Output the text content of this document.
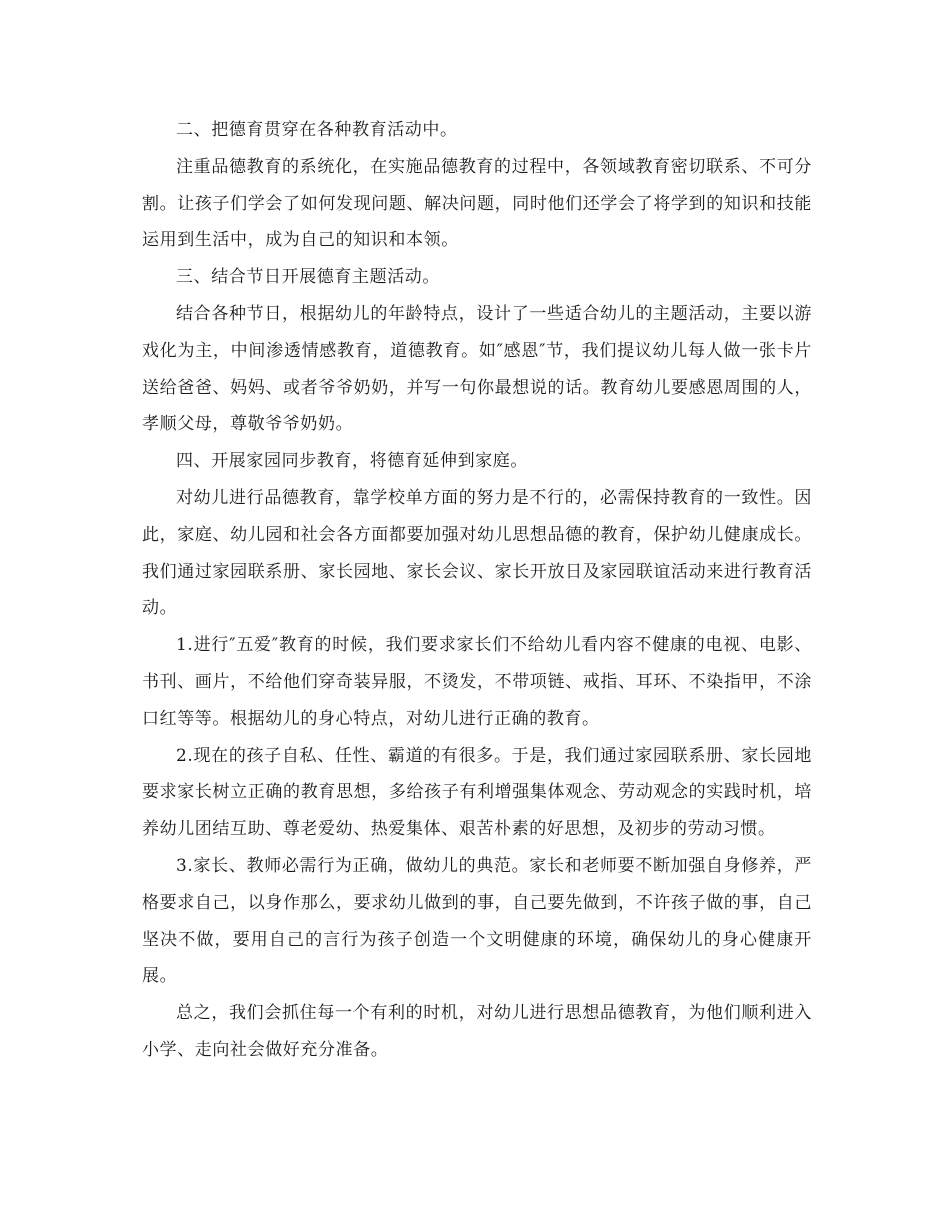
二、把德育贯穿在各种教育活动中。

注重品德教育的系统化，在实施品德教育的过程中，各领域教育密切联系、不可分割。让孩子们学会了如何发现问题、解决问题，同时他们还学会了将学到的知识和技能运用到生活中，成为自己的知识和本领。

三、结合节日开展德育主题活动。

结合各种节日，根据幼儿的年龄特点，设计了一些适合幼儿的主题活动，主要以游戏化为主，中间渗透情感教育，道德教育。如″感恩″节，我们提议幼儿每人做一张卡片送给爸爸、妈妈、或者爷爷奶奶，并写一句你最想说的话。教育幼儿要感恩周围的人，孝顺父母，尊敬爷爷奶奶。

四、开展家园同步教育，将德育延伸到家庭。

对幼儿进行品德教育，靠学校单方面的努力是不行的，必需保持教育的一致性。因此，家庭、幼儿园和社会各方面都要加强对幼儿思想品德的教育，保护幼儿健康成长。我们通过家园联系册、家长园地、家长会议、家长开放日及家园联谊活动来进行教育活动。

1.进行″五爱″教育的时候，我们要求家长们不给幼儿看内容不健康的电视、电影、书刊、画片，不给他们穿奇装异服，不烫发，不带项链、戒指、耳环、不染指甲，不涂口红等等。根据幼儿的身心特点，对幼儿进行正确的教育。

2.现在的孩子自私、任性、霸道的有很多。于是，我们通过家园联系册、家长园地要求家长树立正确的教育思想，多给孩子有利增强集体观念、劳动观念的实践时机，培养幼儿团结互助、尊老爱幼、热爱集体、艰苦朴素的好思想，及初步的劳动习惯。

3.家长、教师必需行为正确，做幼儿的典范。家长和老师要不断加强自身修养，严格要求自己，以身作那么，要求幼儿做到的事，自己要先做到，不许孩子做的事，自己坚决不做，要用自己的言行为孩子创造一个文明健康的环境，确保幼儿的身心健康开展。

总之，我们会抓住每一个有利的时机，对幼儿进行思想品德教育，为他们顺利进入小学、走向社会做好充分准备。
